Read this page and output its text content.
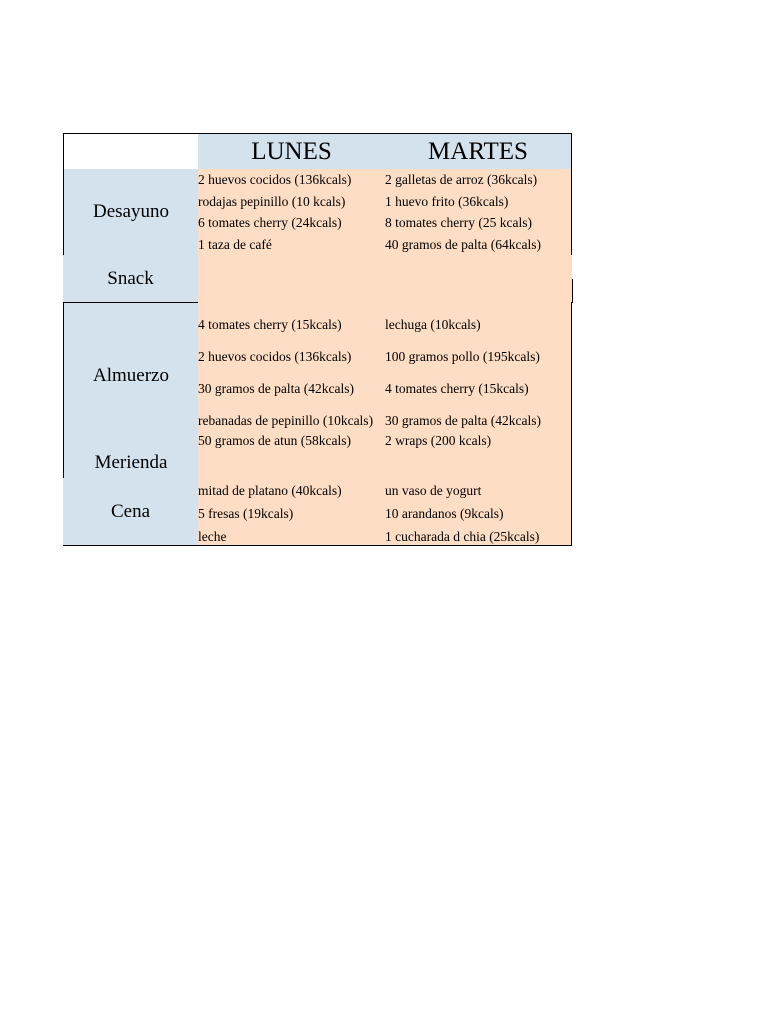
LUNES	MARTES
Desayuno
Snack
Almuerzo
Merienda
Cena
2 huevos cocidos (136kcals)
rodajas pepinillo (10 kcals)
6 tomates cherry (24kcals)
1 taza de café
4 tomates cherry (15kcals)
2 huevos cocidos (136kcals)
30 gramos de palta (42kcals)
rebanadas de pepinillo (10kcals)
50 gramos de atun (58kcals)
mitad de platano (40kcals)
5 fresas (19kcals)
leche
2 galletas de arroz (36kcals)
1 huevo frito (36kcals)
8 tomates cherry (25 kcals)
40 gramos de palta (64kcals)
lechuga (10kcals)
100 gramos pollo (195kcals)
4 tomates cherry (15kcals)
30 gramos de palta (42kcals)
2 wraps (200 kcals)
un vaso de yogurt
10 arandanos (9kcals)
1 cucharada d chia (25kcals)
